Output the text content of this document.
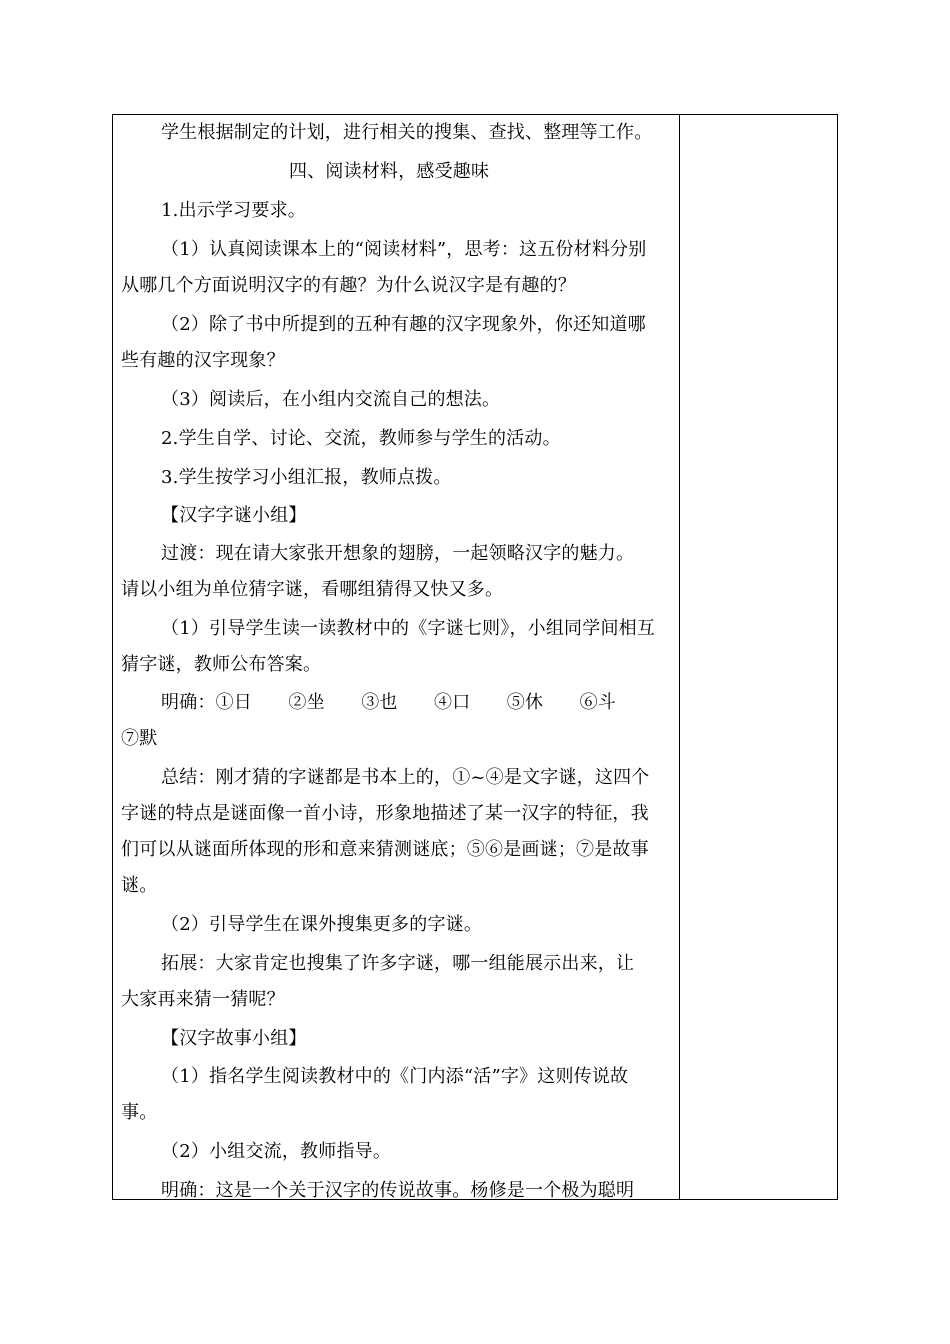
学生根据制定的计划，进行相关的搜集、查找、整理等工作。
四、阅读材料，感受趣味
1.出示学习要求。
（1）认真阅读课本上的“阅读材料”，思考：这五份材料分别
从哪几个方面说明汉字的有趣？为什么说汉字是有趣的？
（2）除了书中所提到的五种有趣的汉字现象外，你还知道哪
些有趣的汉字现象？
（3）阅读后，在小组内交流自己的想法。
2.学生自学、讨论、交流，教师参与学生的活动。
3.学生按学习小组汇报，教师点拨。
【汉字字谜小组】
过渡：现在请大家张开想象的翅膀，一起领略汉字的魅力。
请以小组为单位猜字谜，看哪组猜得又快又多。
（1）引导学生读一读教材中的《字谜七则》，小组同学间相互
猜字谜，教师公布答案。
明确：①日　　②坐　　③也　　④口　　⑤休　　⑥斗
⑦默
总结：刚才猜的字谜都是书本上的，①~④是文字谜，这四个
字谜的特点是谜面像一首小诗，形象地描述了某一汉字的特征，我
们可以从谜面所体现的形和意来猜测谜底；⑤⑥是画谜；⑦是故事
谜。
（2）引导学生在课外搜集更多的字谜。
拓展：大家肯定也搜集了许多字谜，哪一组能展示出来，让
大家再来猜一猜呢？
【汉字故事小组】
（1）指名学生阅读教材中的《门内添“活”字》这则传说故
事。
（2）小组交流，教师指导。
明确：这是一个关于汉字的传说故事。杨修是一个极为聪明
